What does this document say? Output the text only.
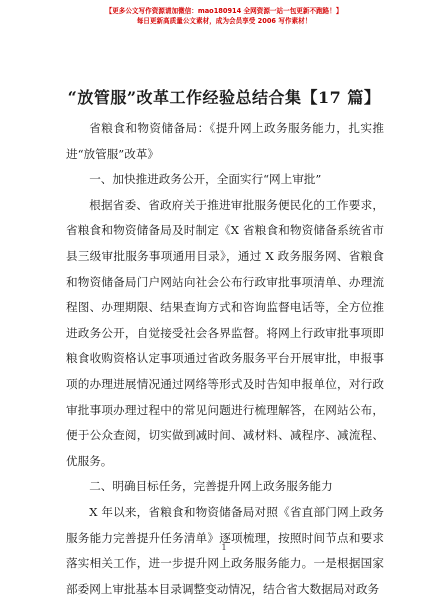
【更多公文写作资源请加微信：mao180914 全网资源一站一包更新不跑路！】
每日更新高质量公文素材，成为会员享受 2006 写作素材！
“放管服”改革工作经验总结合集【17 篇】

省粮食和物资储备局：《提升网上政务服务能力，扎实推进“放管服”改革》

一、加快推进政务公开，全面实行“网上审批”

根据省委、省政府关于推进审批服务便民化的工作要求，省粮食和物资储备局及时制定《X 省粮食和物资储备系统省市县三级审批服务事项通用目录》，通过 X 政务服务网、省粮食和物资储备局门户网站向社会公布行政审批事项清单、办理流程图、办理期限、结果查询方式和咨询监督电话等，全方位推进政务公开，自觉接受社会各界监督。将网上行政审批事项即粮食收购资格认定事项通过省政务服务平台开展审批，申报事项的办理进展情况通过网络等形式及时告知申报单位，对行政审批事项办理过程中的常见问题进行梳理解答，在网站公布，便于公众查阅，切实做到减时间、减材料、减程序、减流程、优服务。

二、明确目标任务，完善提升网上政务服务能力

X 年以来，省粮食和物资储备局对照《省直部门网上政务服务能力完善提升任务清单》逐项梳理，按照时间节点和要求落实相关工作，进一步提升网上政务服务能力。一是根据国家部委网上审批基本目录调整变动情况，结合省大数据局对政务

1
